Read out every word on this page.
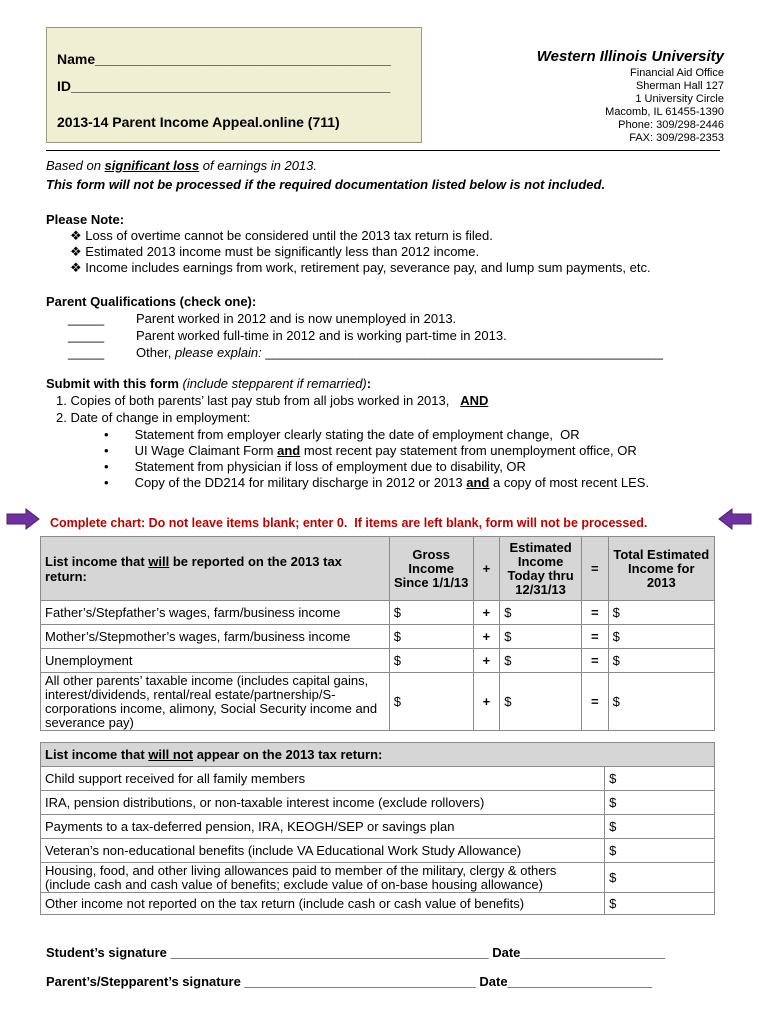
Name______________________________________
ID_________________________________________
2013-14 Parent Income Appeal.online (711)
Western Illinois University
Financial Aid Office
Sherman Hall 127
1 University Circle
Macomb, IL 61455-1390
Phone: 309/298-2446
FAX: 309/298-2353
Based on significant loss of earnings in 2013.
This form will not be processed if the required documentation listed below is not included.
Please Note:
❖ Loss of overtime cannot be considered until the 2013 tax return is filed.
❖ Estimated 2013 income must be significantly less than 2012 income.
❖ Income includes earnings from work, retirement pay, severance pay, and lump sum payments, etc.
Parent Qualifications (check one):
_____ Parent worked in 2012 and is now unemployed in 2013.
_____ Parent worked full-time in 2012 and is working part-time in 2013.
_____ Other, please explain: _______________________________________________________
Submit with this form (include stepparent if remarried):
1. Copies of both parents’ last pay stub from all jobs worked in 2013, AND
2. Date of change in employment:
• Statement from employer clearly stating the date of employment change,  OR
• UI Wage Claimant Form and most recent pay statement from unemployment office, OR
• Statement from physician if loss of employment due to disability, OR
• Copy of the DD214 for military discharge in 2012 or 2013 and a copy of most recent LES.
Complete chart: Do not leave items blank; enter 0.  If items are left blank, form will not be processed.
List income that will be reported on the 2013 tax return:	Gross Income Since 1/1/13	+	Estimated Income Today thru 12/31/13	=	Total Estimated Income for 2013
Father’s/Stepfather’s wages, farm/business income	$	+	$	=	$
Mother’s/Stepmother’s wages, farm/business income	$	+	$	=	$
Unemployment	$	+	$	=	$
All other parents’ taxable income (includes capital gains, interest/dividends, rental/real estate/partnership/S-corporations income, alimony, Social Security income and severance pay)	$	+	$	=	$
List income that will not appear on the 2013 tax return:	
Child support received for all family members	$
IRA, pension distributions, or non-taxable interest income (exclude rollovers)	$
Payments to a tax-deferred pension, IRA, KEOGH/SEP or savings plan	$
Veteran’s non-educational benefits (include VA Educational Work Study Allowance)	$
Housing, food, and other living allowances paid to member of the military, clergy & others (include cash and cash value of benefits; exclude value of on-base housing allowance)	$
Other income not reported on the tax return (include cash or cash value of benefits)	$
Student’s signature ____________________________________________ Date____________________
Parent’s/Stepparent’s signature ________________________________ Date____________________
